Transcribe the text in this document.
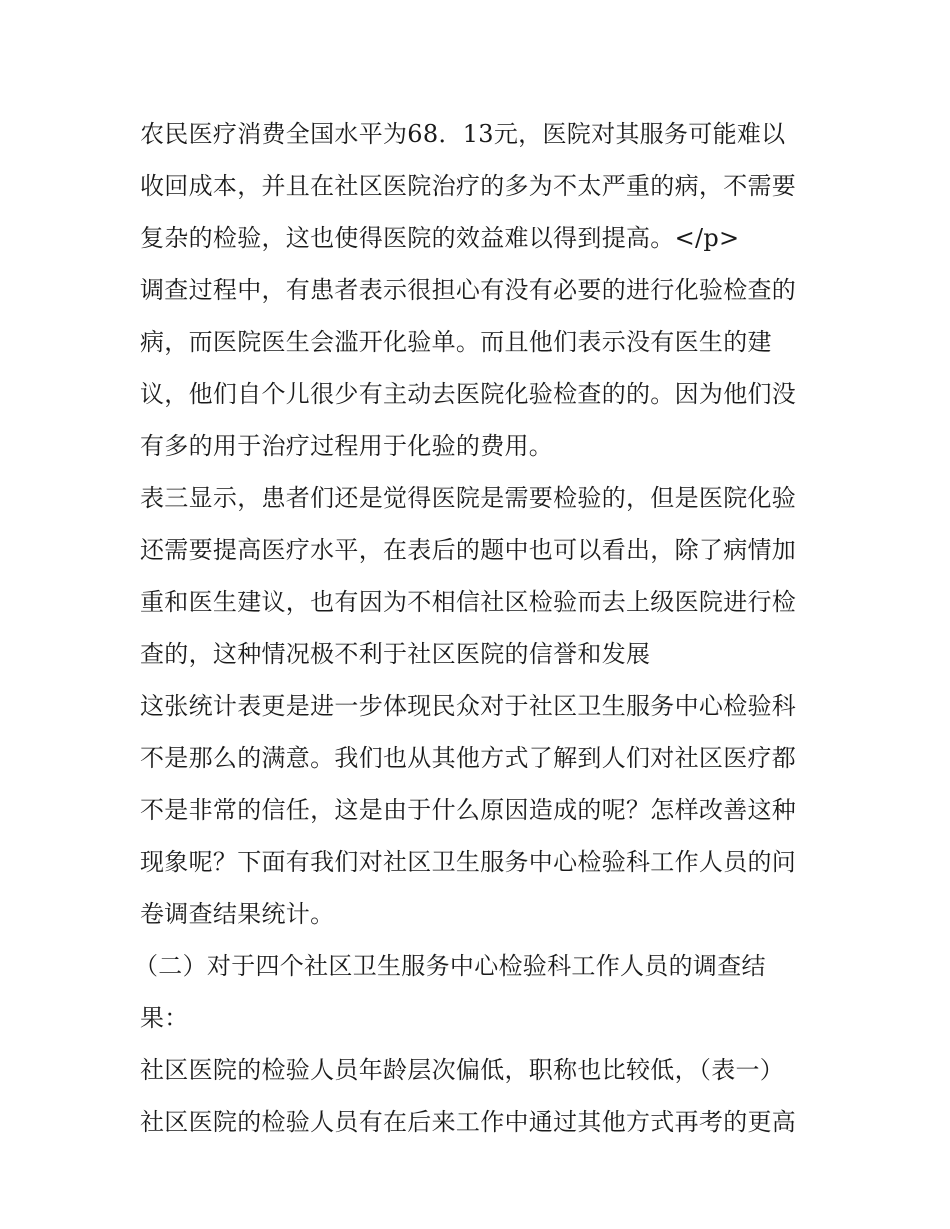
农民医疗消费全国水平为68．13元，医院对其服务可能难以
收回成本，并且在社区医院治疗的多为不太严重的病，不需要
复杂的检验，这也使得医院的效益难以得到提高。</p>
调查过程中，有患者表示很担心有没有必要的进行化验检查的
病，而医院医生会滥开化验单。而且他们表示没有医生的建
议，他们自个儿很少有主动去医院化验检查的的。因为他们没
有多的用于治疗过程用于化验的费用。
表三显示，患者们还是觉得医院是需要检验的，但是医院化验
还需要提高医疗水平，在表后的题中也可以看出，除了病情加
重和医生建议，也有因为不相信社区检验而去上级医院进行检
查的，这种情况极不利于社区医院的信誉和发展
这张统计表更是进一步体现民众对于社区卫生服务中心检验科
不是那么的满意。我们也从其他方式了解到人们对社区医疗都
不是非常的信任，这是由于什么原因造成的呢？怎样改善这种
现象呢？下面有我们对社区卫生服务中心检验科工作人员的问
卷调查结果统计。
（二）对于四个社区卫生服务中心检验科工作人员的调查结
果：
社区医院的检验人员年龄层次偏低，职称也比较低，（表一）
社区医院的检验人员有在后来工作中通过其他方式再考的更高
